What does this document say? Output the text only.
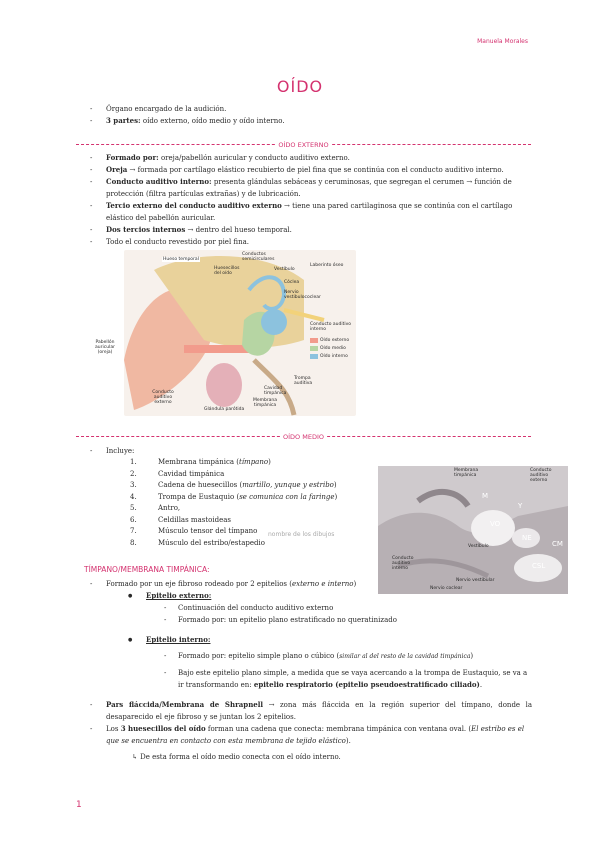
Manuela Morales
OÍDO
- Órgano encargado de la audición.
- 3 partes: oído externo, oído medio y oído interno.
OÍDO EXTERNO
- Formado por: oreja/pabellón auricular y conducto auditivo externo.
- Oreja → formada por cartílago elástico recubierto de piel fina que se continúa con el conducto auditivo interno.
- Conducto auditivo interno: presenta glándulas sebáceas y ceruminosas, que segregan el cerumen → función de protección (filtra partículas extrañas) y de lubricación.
- Tercio externo del conducto auditivo externo → tiene una pared cartilaginosa que se continúa con el cartílago elástico del pabellón auricular.
- Dos tercios internos → dentro del hueso temporal.
- Todo el conducto revestido por piel fina.
Hueso temporal
Huesecillos del oído
Conductos semicirculares
Vestíbulo
Laberinto óseo
Cóclea
Nervio vestibulococlear
Conducto auditivo interno
Pabellón auricular (oreja)
Conducto auditivo externo
Glándula parótida
Membrana timpánica
Cavidad timpánica
Trompa auditiva
Oído externo
Oído medio
Oído interno
OÍDO MEDIO
- Incluye:
1.	Membrana timpánica (tímpano)
2.	Cavidad timpánica
3.	Cadena de huesecillos (martillo, yunque y estribo)
4.	Trompa de Eustaquio (se comunica con la faringe)
5.	Antro,
6.	Celdillas mastoideas
7.	Músculo tensor del tímpano
8.	Músculo del estribo/estapedio
nombre de los dibujos
Membrana timpánica
Conducto auditivo externo
M
Y
VO
NE
CM
CSL
Vestíbulo
Conducto auditivo interno
Nervio vestibular
Nervio coclear
TÍMPANO/MEMBRANA TIMPÁNICA:
- Formado por un eje fibroso rodeado por 2 epitelios (externo e interno)
● Epitelio externo:
- Continuación del conducto auditivo externo
- Formado por: un epitelio plano estratificado no queratinizado
● Epitelio interno:
- Formado por: epitelio simple plano o cúbico (similar al del resto de la cavidad timpánica)
- Bajo este epitelio plano simple, a medida que se vaya acercando a la trompa de Eustaquio, se va a ir transformando en: epitelio respiratorio (epitelio pseudoestratificado ciliado).
- Pars fláccida/Membrana de Shrapnell → zona más fláccida en la región superior del tímpano, donde la desaparecido el eje fibroso y se juntan los 2 epitelios.
- Los 3 huesecillos del oído forman una cadena que conecta: membrana timpánica con ventana oval. (El estribo es el que se encuentra en contacto con esta membrana de tejido elástico).
↳ De esta forma el oído medio conecta con el oído interno.
1
